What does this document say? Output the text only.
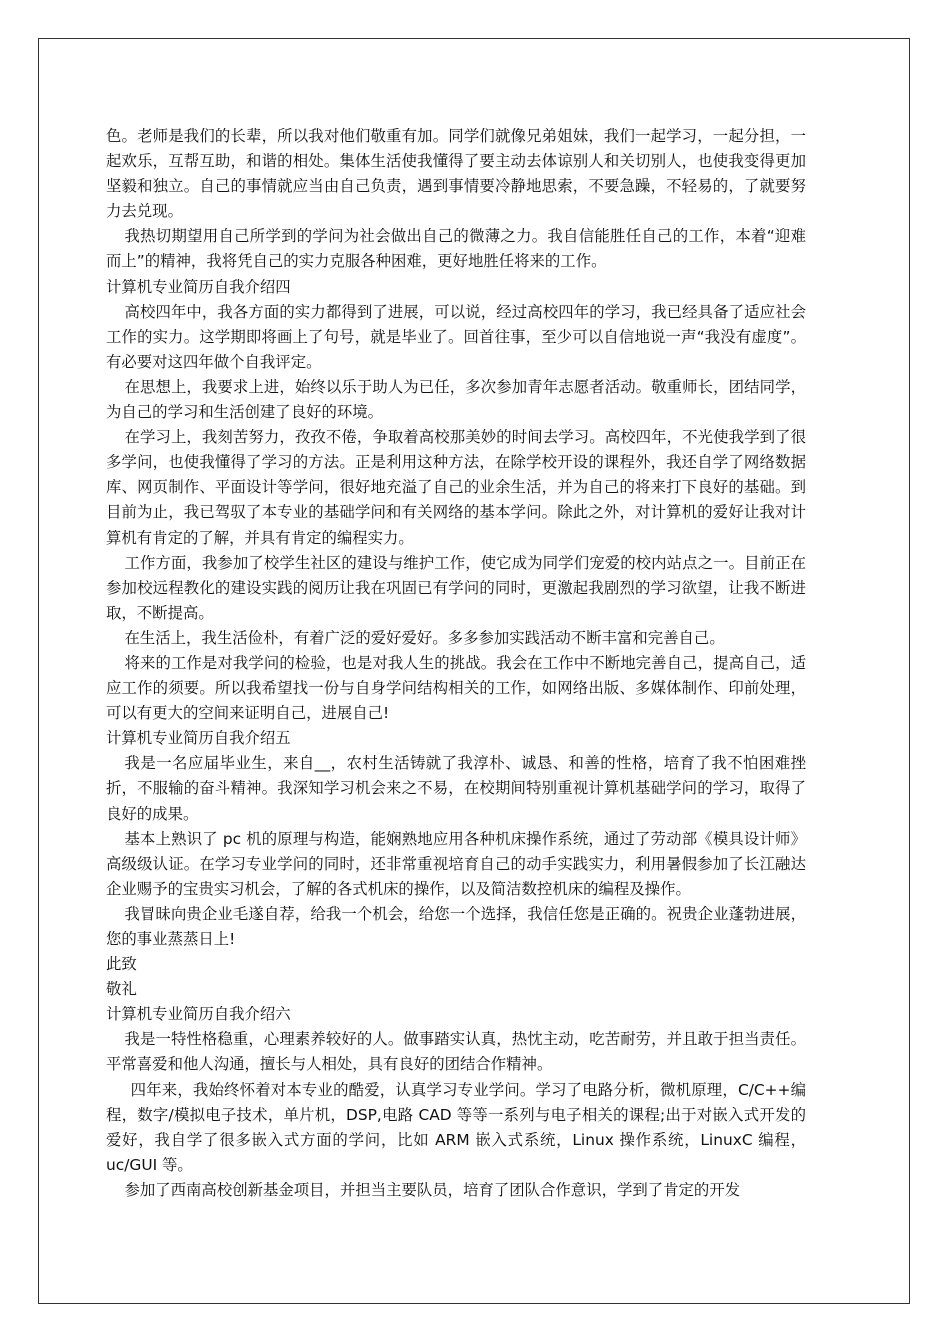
色。老师是我们的长辈，所以我对他们敬重有加。同学们就像兄弟姐妹，我们一起学习，一起分担，一起欢乐，互帮互助，和谐的相处。集体生活使我懂得了要主动去体谅别人和关切别人，也使我变得更加坚毅和独立。自己的事情就应当由自己负责，遇到事情要冷静地思索，不要急躁，不轻易的，了就要努力去兑现。

我热切期望用自己所学到的学问为社会做出自己的微薄之力。我自信能胜任自己的工作，本着“迎难而上”的精神，我将凭自己的实力克服各种困难，更好地胜任将来的工作。

计算机专业简历自我介绍四

高校四年中，我各方面的实力都得到了进展，可以说，经过高校四年的学习，我已经具备了适应社会工作的实力。这学期即将画上了句号，就是毕业了。回首往事，至少可以自信地说一声“我没有虚度”。有必要对这四年做个自我评定。

在思想上，我要求上进，始终以乐于助人为已任，多次参加青年志愿者活动。敬重师长，团结同学，为自己的学习和生活创建了良好的环境。

在学习上，我刻苦努力，孜孜不倦，争取着高校那美妙的时间去学习。高校四年，不光使我学到了很多学问，也使我懂得了学习的方法。正是利用这种方法，在除学校开设的课程外，我还自学了网络数据库、网页制作、平面设计等学问，很好地充溢了自己的业余生活，并为自己的将来打下良好的基础。到目前为止，我已驾驭了本专业的基础学问和有关网络的基本学问。除此之外，对计算机的爱好让我对计算机有肯定的了解，并具有肯定的编程实力。

工作方面，我参加了校学生社区的建设与维护工作，使它成为同学们宠爱的校内站点之一。目前正在参加校远程教化的建设实践的阅历让我在巩固已有学问的同时，更激起我剧烈的学习欲望，让我不断进取，不断提高。

在生活上，我生活俭朴，有着广泛的爱好爱好。多多参加实践活动不断丰富和完善自己。

将来的工作是对我学问的检验，也是对我人生的挑战。我会在工作中不断地完善自己，提高自己，适应工作的须要。所以我希望找一份与自身学问结构相关的工作，如网络出版、多媒体制作、印前处理，可以有更大的空间来证明自己，进展自己!

计算机专业简历自我介绍五

我是一名应届毕业生，来自__，农村生活铸就了我淳朴、诚恳、和善的性格，培育了我不怕困难挫折，不服输的奋斗精神。我深知学习机会来之不易，在校期间特别重视计算机基础学问的学习，取得了良好的成果。

基本上熟识了 pc 机的原理与构造，能娴熟地应用各种机床操作系统，通过了劳动部《模具设计师》高级级认证。在学习专业学问的同时，还非常重视培育自己的动手实践实力，利用暑假参加了长江融达企业赐予的宝贵实习机会，了解的各式机床的操作，以及简洁数控机床的编程及操作。

我冒昧向贵企业毛遂自荐，给我一个机会，给您一个选择，我信任您是正确的。祝贵企业蓬勃进展，您的事业蒸蒸日上!

此致

敬礼

计算机专业简历自我介绍六

我是一特性格稳重，心理素养较好的人。做事踏实认真，热忱主动，吃苦耐劳，并且敢于担当责任。平常喜爱和他人沟通，擅长与人相处，具有良好的团结合作精神。

四年来，我始终怀着对本专业的酷爱，认真学习专业学问。学习了电路分析，微机原理，C/C++编程，数字/模拟电子技术，单片机，DSP,电路 CAD 等等一系列与电子相关的课程;出于对嵌入式开发的爱好，我自学了很多嵌入式方面的学问，比如 ARM 嵌入式系统，Linux 操作系统，LinuxC 编程，uc/GUI 等。

参加了西南高校创新基金项目，并担当主要队员，培育了团队合作意识，学到了肯定的开发
